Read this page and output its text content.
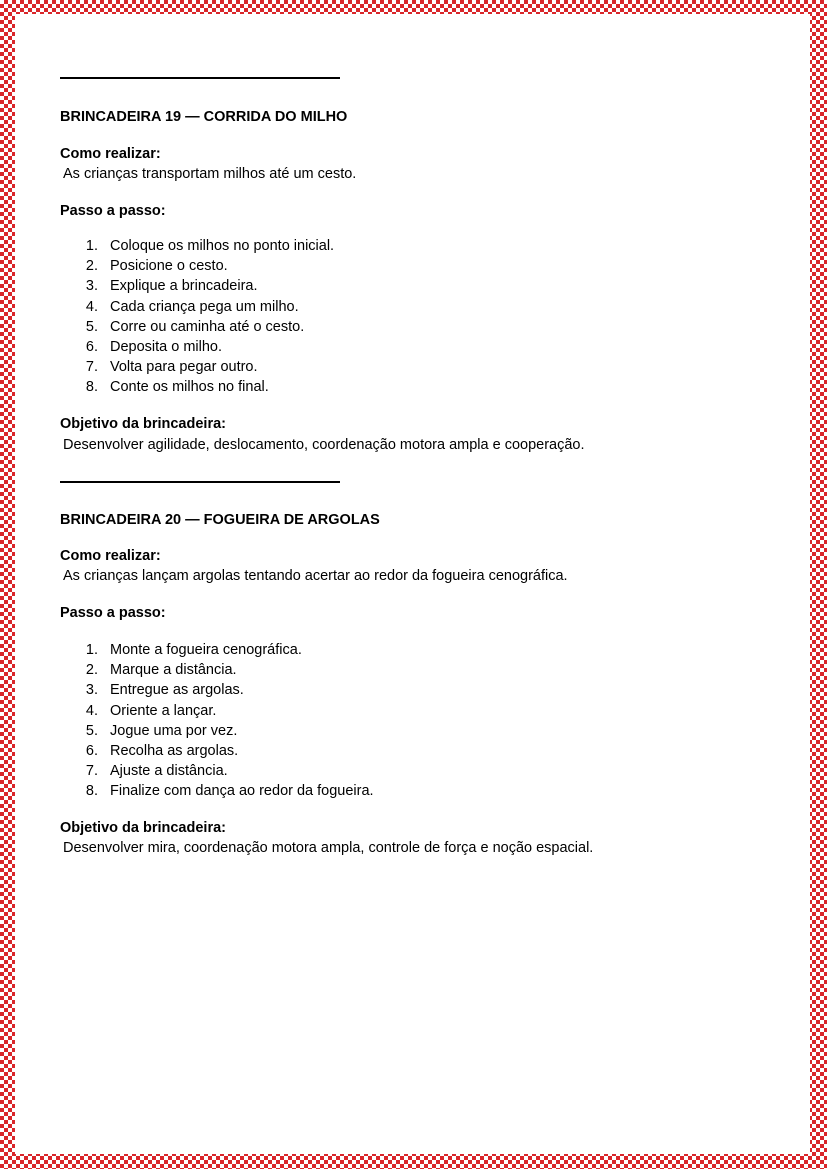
BRINCADEIRA 19 — CORRIDA DO MILHO
Como realizar:
As crianças transportam milhos até um cesto.
Passo a passo:
1. Coloque os milhos no ponto inicial.
2. Posicione o cesto.
3. Explique a brincadeira.
4. Cada criança pega um milho.
5. Corre ou caminha até o cesto.
6. Deposita o milho.
7. Volta para pegar outro.
8. Conte os milhos no final.
Objetivo da brincadeira:
Desenvolver agilidade, deslocamento, coordenação motora ampla e cooperação.
BRINCADEIRA 20 — FOGUEIRA DE ARGOLAS
Como realizar:
As crianças lançam argolas tentando acertar ao redor da fogueira cenográfica.
Passo a passo:
1. Monte a fogueira cenográfica.
2. Marque a distância.
3. Entregue as argolas.
4. Oriente a lançar.
5. Jogue uma por vez.
6. Recolha as argolas.
7. Ajuste a distância.
8. Finalize com dança ao redor da fogueira.
Objetivo da brincadeira:
Desenvolver mira, coordenação motora ampla, controle de força e noção espacial.
